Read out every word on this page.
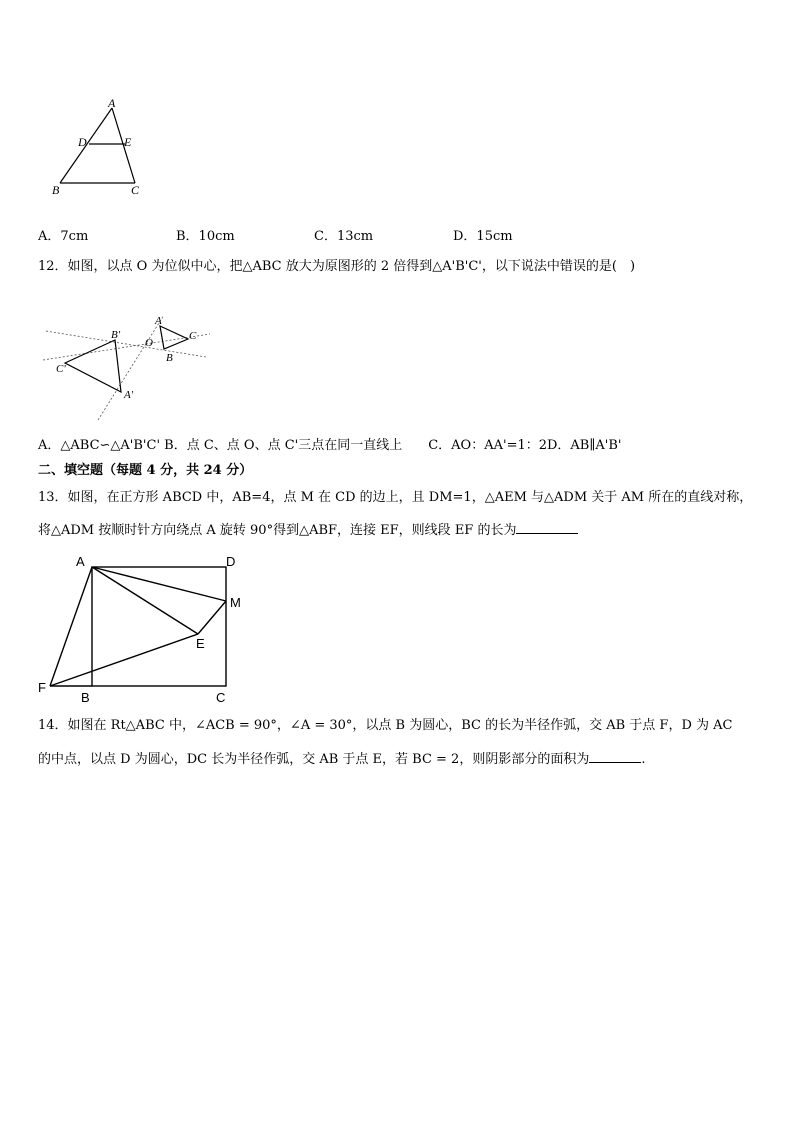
A
D	E
B	C
A．7cm	B．10cm	C．13cm	D．15cm
12．如图，以点 O 为位似中心，把△ABC 放大为原图形的 2 倍得到△A'B'C'，以下说法中错误的是(　)
B'
C'
A'
O
A
C
B
A．△ABC∽△A'B'C' B．点 C、点 O、点 C'三点在同一直线上　　C．AO：AA'=1：2D．AB∥A'B'
二、填空题（每题 4 分，共 24 分）
13．如图，在正方形 ABCD 中，AB=4，点 M 在 CD 的边上，且 DM=1，△AEM 与△ADM 关于 AM 所在的直线对称，
将△ADM 按顺时针方向绕点 A 旋转 90°得到△ABF，连接 EF，则线段 EF 的长为
A	D
M
E
F
B	C
14．如图在 Rt△ABC 中，∠ACB = 90°，∠A = 30°，以点 B 为圆心，BC 的长为半径作弧，交 AB 于点 F，D 为 AC
的中点，以点 D 为圆心，DC 长为半径作弧，交 AB 于点 E，若 BC = 2，则阴影部分的面积为	.
